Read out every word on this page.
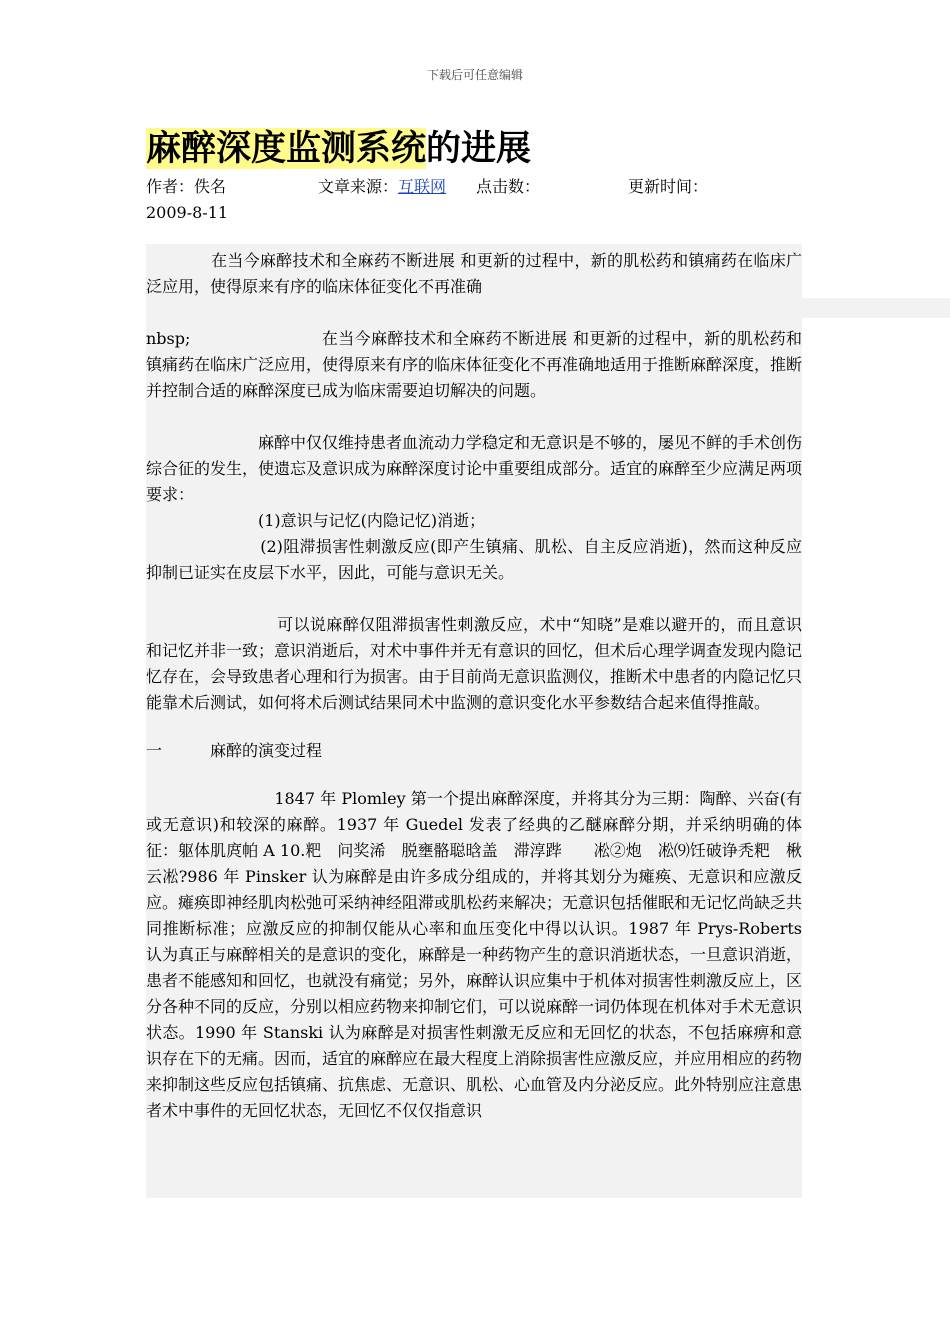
下载后可任意编辑
麻醉深度监测系统的进展
作者：佚名	文章来源： 互联网	点击数：	更新时间：
2009-8-11

　　　　在当今麻醉技术和全麻药不断进展 和更新的过程中，新的肌松药和镇痛药在临床广泛应用，使得原来有序的临床体征变化不再准确

nbsp;　　　　　　　　在当今麻醉技术和全麻药不断进展 和更新的过程中，新的肌松药和镇痛药在临床广泛应用，使得原来有序的临床体征变化不再准确地适用于推断麻醉深度，推断并控制合适的麻醉深度已成为临床需要迫切解决的问题。

　　　　　　　麻醉中仅仅维持患者血流动力学稳定和无意识是不够的，屡见不鲜的手术创伤综合征的发生，使遗忘及意识成为麻醉深度讨论中重要组成部分。适宜的麻醉至少应满足两项要求：

　　　　　　　(1)意识与记忆(内隐记忆)消逝；

　　　　　　　(2)阻滞损害性刺激反应(即产生镇痛、肌松、自主反应消逝)，然而这种反应抑制已证实在皮层下水平，因此，可能与意识无关。

　　　　　　　　可以说麻醉仅阻滞损害性刺激反应，术中“知晓”是难以避开的，而且意识和记忆并非一致；意识消逝后，对术中事件并无有意识的回忆，但术后心理学调查发现内隐记忆存在，会导致患者心理和行为损害。由于目前尚无意识监测仪，推断术中患者的内隐记忆只能靠术后测试，如何将术后测试结果同术中监测的意识变化水平参数结合起来值得推敲。

一　　　麻醉的演变过程

　　　　　　　　1847 年 Plomley 第一个提出麻醉深度，并将其分为三期：陶醉、兴奋(有或无意识)和较深的麻醉。1937 年 Guedel 发表了经典的乙醚麻醉分期，并采纳明确的体征：躯体肌庹帕 A 10.粑　问奖浠　脱壅骼聪晗盖　滞淳跸　　凇②炮　凇⑼饪破诤秃粑　楸云凇?986 年 Pinsker 认为麻醉是由许多成分组成的，并将其划分为瘫痪、无意识和应激反应。瘫痪即神经肌肉松弛可采纳神经阻滞或肌松药来解决；无意识包括催眠和无记忆尚缺乏共同推断标准；应激反应的抑制仅能从心率和血压变化中得以认识。1987 年 Prys-Roberts 认为真正与麻醉相关的是意识的变化，麻醉是一种药物产生的意识消逝状态，一旦意识消逝，患者不能感知和回忆，也就没有痛觉；另外，麻醉认识应集中于机体对损害性刺激反应上，区分各种不同的反应，分别以相应药物来抑制它们，可以说麻醉一词仍体现在机体对手术无意识状态。1990 年 Stanski 认为麻醉是对损害性刺激无反应和无回忆的状态，不包括麻痹和意识存在下的无痛。因而，适宜的麻醉应在最大程度上消除损害性应激反应，并应用相应的药物来抑制这些反应包括镇痛、抗焦虑、无意识、肌松、心血管及内分泌反应。此外特别应注意患者术中事件的无回忆状态，无回忆不仅仅指意识
